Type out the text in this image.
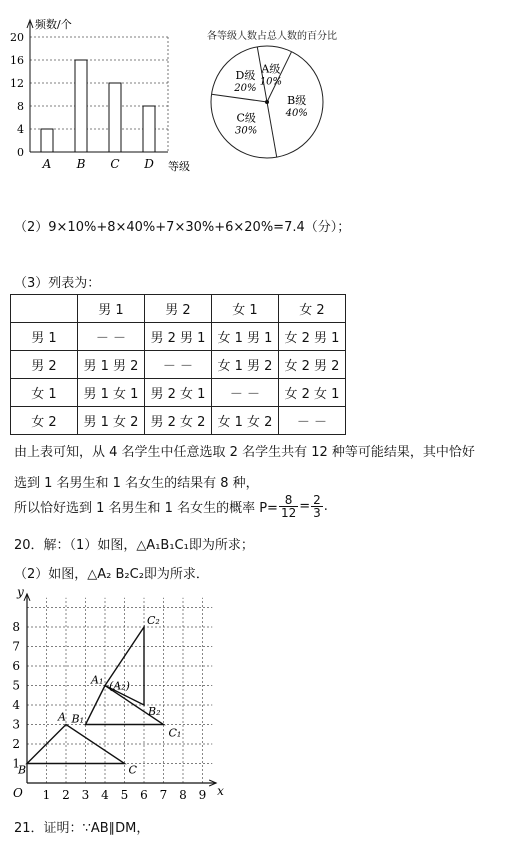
0
4
8
12
16
20
频数/个
等级
A B C D
各等级人数占总人数的百分比
A级
10%
B级
40%
C级
30%
D级
20%
（2）9×10%+8×40%+7×30%+6×20%=7.4（分）；
（3）列表为：
	男 1	男 2	女 1	女 2
男 1	－ －	男 2 男 1	女 1 男 1	女 2 男 1
男 2	男 1 男 2	－ －	女 1 男 2	女 2 男 2
女 1	男 1 女 1	男 2 女 1	－ －	女 2 女 1
女 2	男 1 女 2	男 2 女 2	女 1 女 2	－ －
由上表可知，从 4 名学生中任意选取 2 名学生共有 12 种等可能结果，其中恰好
选到 1 名男生和 1 名女生的结果有 8 种，
所以恰好选到 1 名男生和 1 名女生的概率 $P= \frac{8}{12} = \frac{2}{3}$ .
20．解：（1）如图，△A₁B₁C₁即为所求；
（2）如图，△A₂ B₂C₂即为所求．
y
x
O 1 2 3 4 5 6 7 8 9
1
2
3
4
5
6
7
8
A
B	C
A₁
B₁
C₁
(A₂)
B₂
C₂
21．证明：∵AB∥DM，
